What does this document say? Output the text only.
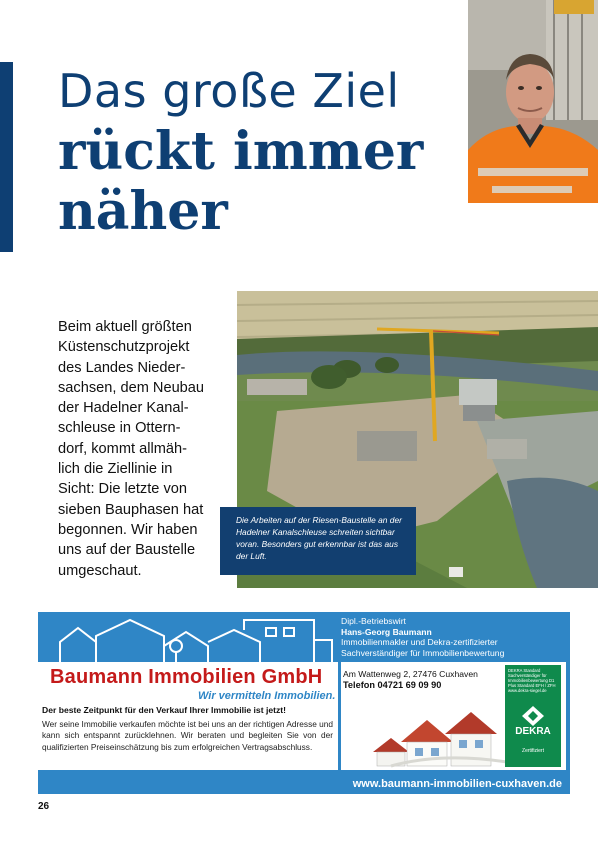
Das große Ziel
rückt immer
näher
Beim aktuell größten
Küstenschutzprojekt
des Landes Nieder-
sachsen, dem Neubau
der Hadelner Kanal-
schleuse in Ottern-
dorf, kommt allmäh-
lich die Ziellinie in
Sicht: Die letzte von
sieben Bauphasen hat
begonnen. Wir haben
uns auf der Baustelle
umgeschaut.
Die Arbeiten auf der Riesen-Baustelle an der Hadelner Kanalschleuse schreiten sichtbar voran. Besonders gut erkennbar ist das aus der Luft.
Dipl.-Betriebswirt
Hans-Georg Baumann
Immobilienmakler und Dekra-zertifizierter
Sachverständiger für Immobilienbewertung
Baumann Immobilien GmbH
Wir vermitteln Immobilien.
Der beste Zeitpunkt für den Verkauf Ihrer Immobilie ist jetzt!
Wer seine Immobilie verkaufen möchte ist bei uns an der richtigen Adresse und kann sich entspannt zurücklehnen. Wir beraten und begleiten Sie von der qualifizierten Preiseinschätzung bis zum erfolgreichen Vertragsabschluss.
Am Wattenweg 2, 27476 Cuxhaven
Telefon 04721 69 09 90
DEKRA Standard Sachverständiger für Immobilienbewertung D1 Plus Standard EFH / ZFH
www.dekra-siegel.de
DEKRA
Zertifiziert
www.baumann-immobilien-cuxhaven.de
26
